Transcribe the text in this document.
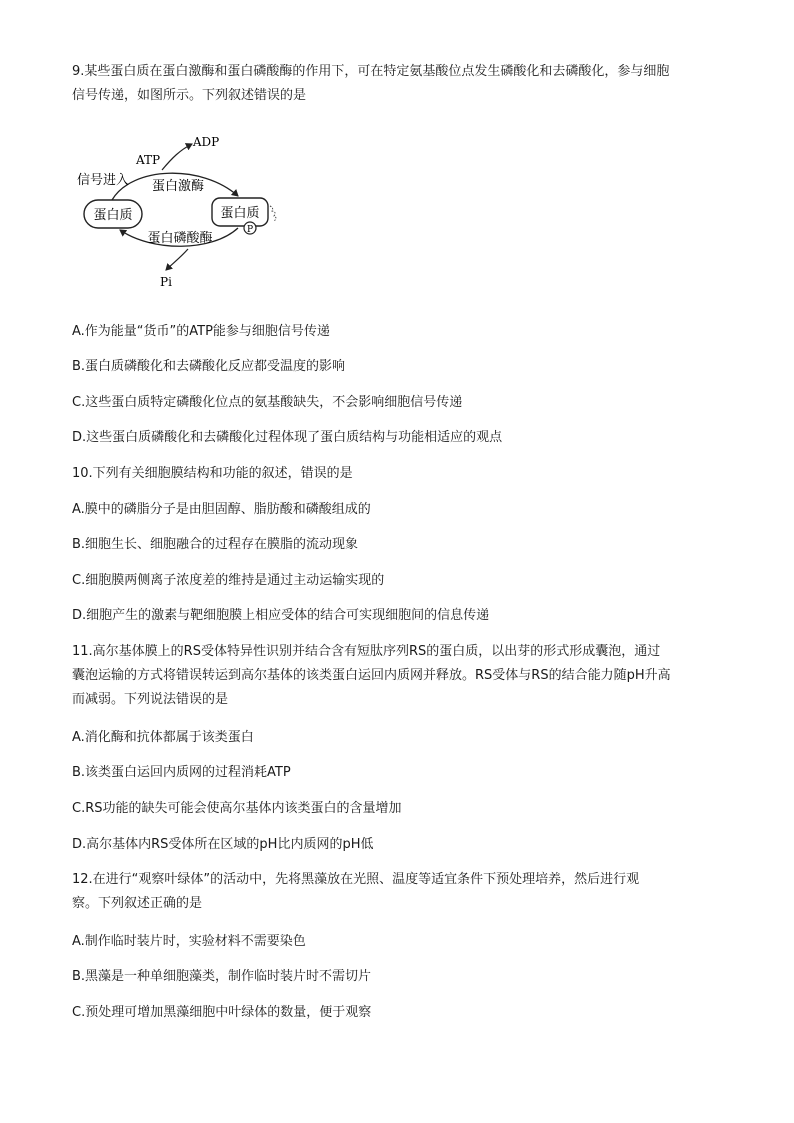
9.某些蛋白质在蛋白激酶和蛋白磷酸酶的作用下，可在特定氨基酸位点发生磷酸化和去磷酸化，参与细胞
信号传递，如图所示。下列叙述错误的是
蛋白质	蛋白质
P
蛋白激酶
ATP
ADP
信号进入
蛋白磷酸酶
Pi
A.作为能量“货币”的ATP能参与细胞信号传递
B.蛋白质磷酸化和去磷酸化反应都受温度的影响
C.这些蛋白质特定磷酸化位点的氨基酸缺失，不会影响细胞信号传递
D.这些蛋白质磷酸化和去磷酸化过程体现了蛋白质结构与功能相适应的观点
10.下列有关细胞膜结构和功能的叙述，错误的是
A.膜中的磷脂分子是由胆固醇、脂肪酸和磷酸组成的
B.细胞生长、细胞融合的过程存在膜脂的流动现象
C.细胞膜两侧离子浓度差的维持是通过主动运输实现的
D.细胞产生的激素与靶细胞膜上相应受体的结合可实现细胞间的信息传递
11.高尔基体膜上的RS受体特异性识别并结合含有短肽序列RS的蛋白质，以出芽的形式形成囊泡，通过
囊泡运输的方式将错误转运到高尔基体的该类蛋白运回内质网并释放。RS受体与RS的结合能力随pH升高
而减弱。下列说法错误的是
A.消化酶和抗体都属于该类蛋白
B.该类蛋白运回内质网的过程消耗ATP
C.RS功能的缺失可能会使高尔基体内该类蛋白的含量增加
D.高尔基体内RS受体所在区域的pH比内质网的pH低
12.在进行“观察叶绿体”的活动中，先将黑藻放在光照、温度等适宜条件下预处理培养，然后进行观
察。下列叙述正确的是
A.制作临时装片时，实验材料不需要染色
B.黑藻是一种单细胞藻类，制作临时装片时不需切片
C.预处理可增加黑藻细胞中叶绿体的数量，便于观察
